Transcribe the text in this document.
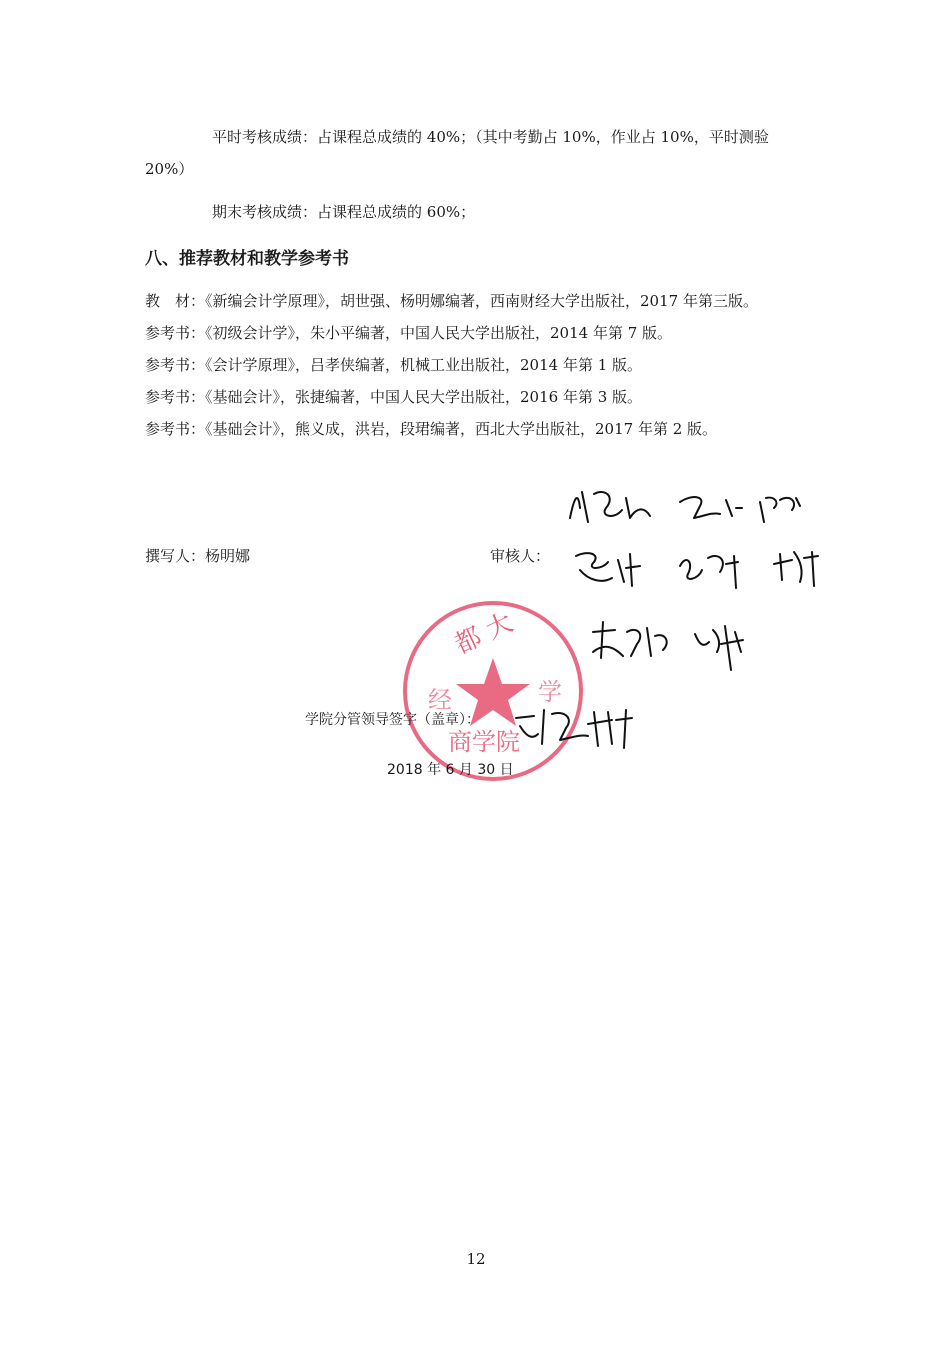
平时考核成绩：占课程总成绩的 40%；（其中考勤占 10%，作业占 10%，平时测验
20%）
期末考核成绩：占课程总成绩的 60%；
八、推荐教材和教学参考书
教　材：《新编会计学原理》，胡世强、杨明娜编著，西南财经大学出版社，2017 年第三版。
参考书：《初级会计学》，朱小平编著，中国人民大学出版社，2014 年第 7 版。
参考书：《会计学原理》，吕孝侠编著，机械工业出版社，2014 年第 1 版。
参考书：《基础会计》，张捷编著，中国人民大学出版社，2016 年第 3 版。
参考书：《基础会计》，熊义成，洪岩，段珺编著，西北大学出版社，2017 年第 2 版。
撰写人：杨明娜	审核人：
都 大
经	学
商学院
学院分管领导签字（盖章）：
2018 年 6 月 30 日
12
